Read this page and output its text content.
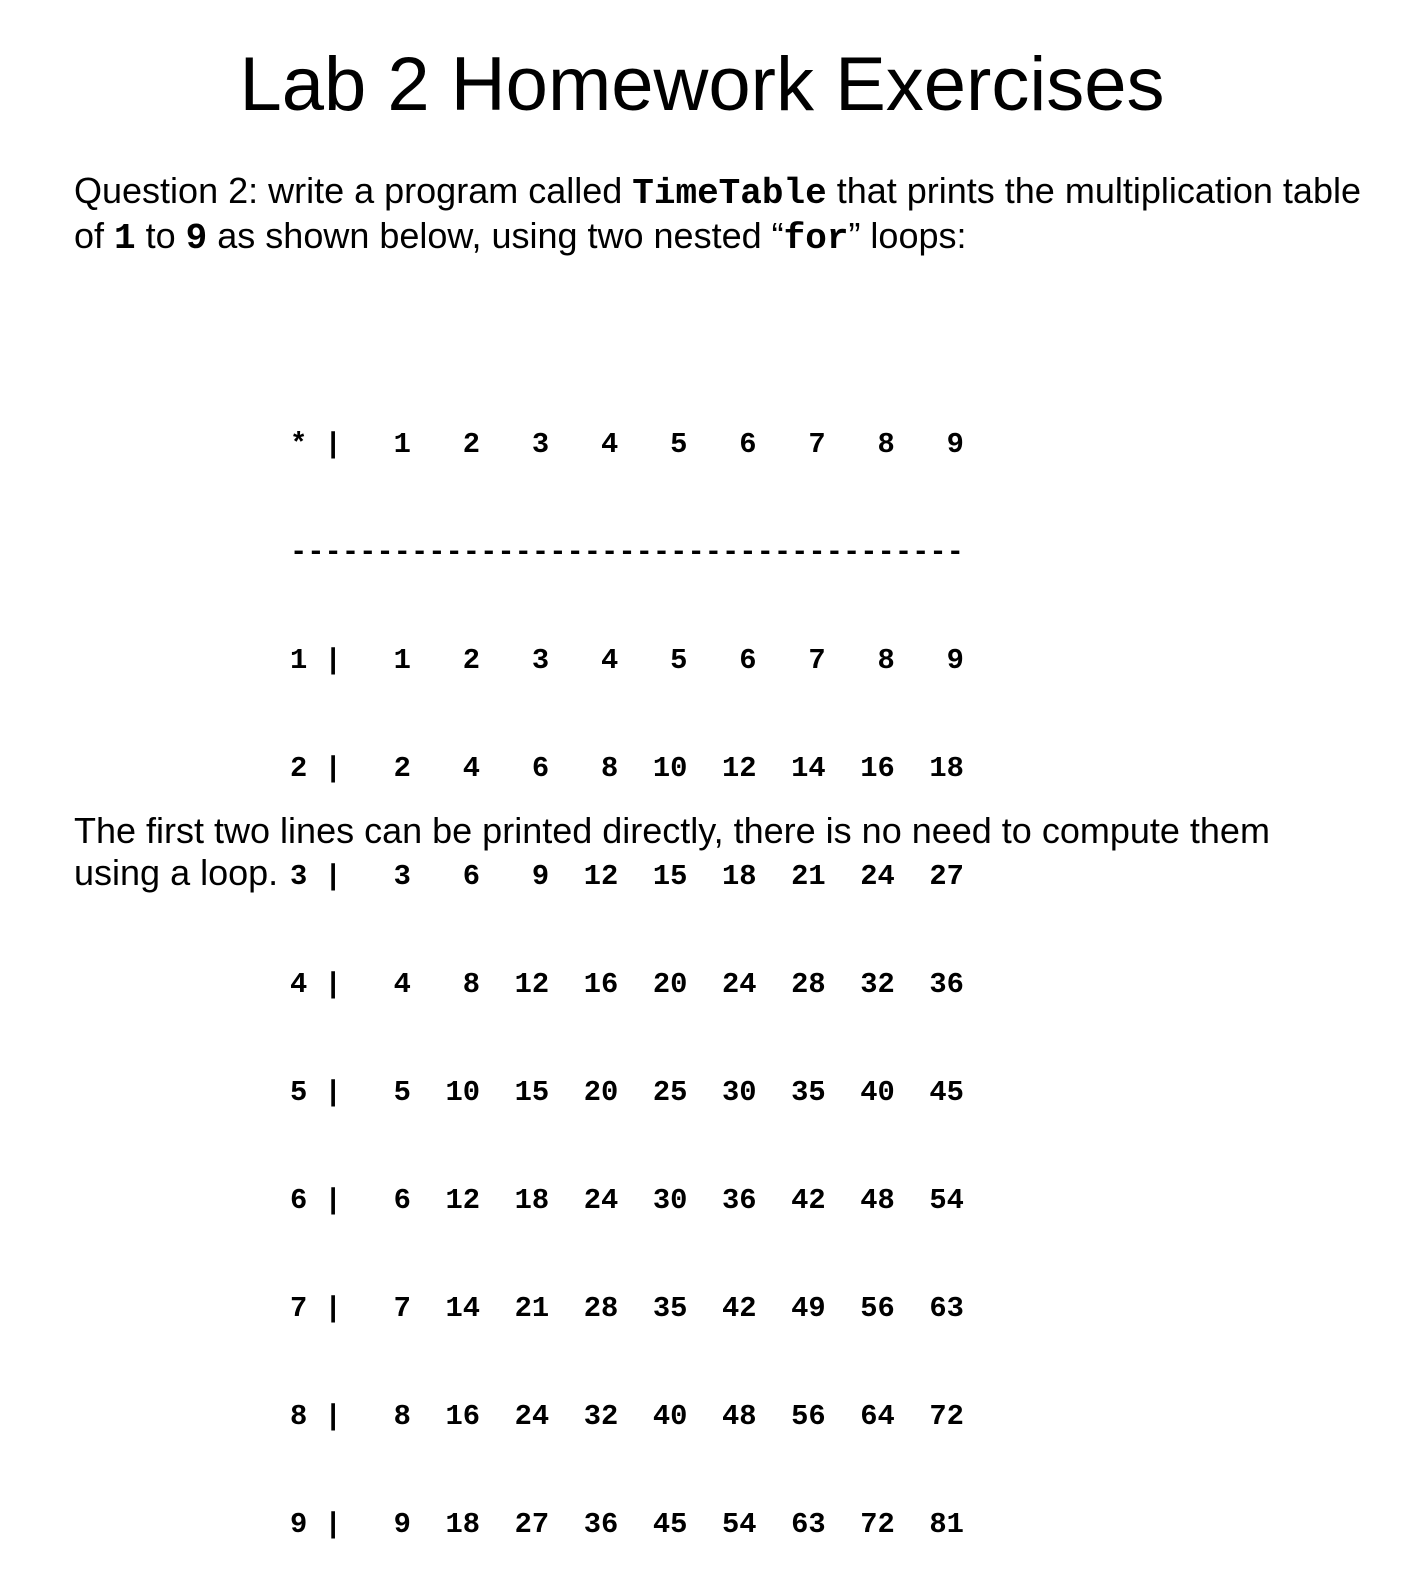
Lab 2 Homework Exercises
Question 2: write a program called TimeTable that prints the multiplication table of 1 to 9 as shown below, using two nested “for” loops:

* |   1   2   3   4   5   6   7   8   9

---------------------------------------

1 |   1   2   3   4   5   6   7   8   9

2 |   2   4   6   8  10  12  14  16  18

3 |   3   6   9  12  15  18  21  24  27

4 |   4   8  12  16  20  24  28  32  36

5 |   5  10  15  20  25  30  35  40  45

6 |   6  12  18  24  30  36  42  48  54

7 |   7  14  21  28  35  42  49  56  63

8 |   8  16  24  32  40  48  56  64  72

9 |   9  18  27  36  45  54  63  72  81

The first two lines can be printed directly, there is no need to compute them using a loop.
